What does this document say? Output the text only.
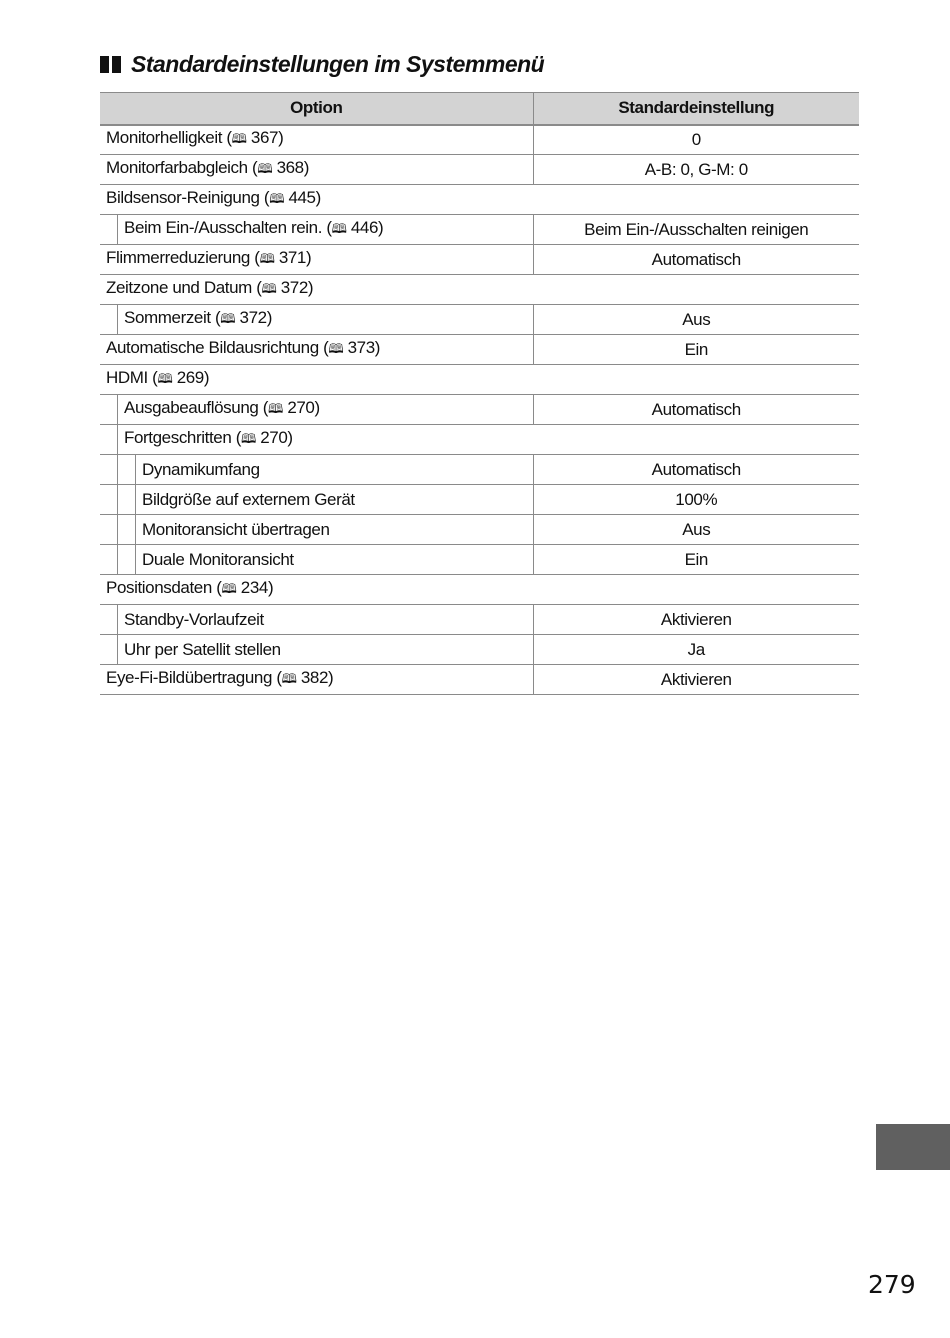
Standardeinstellungen im Systemmenü
Option	Standardeinstellung
Monitorhelligkeit (🕮 367)	0
Monitorfarbabgleich (🕮 368)	A-B: 0, G-M: 0
Bildsensor-Reinigung (🕮 445)	
Beim Ein-/Ausschalten rein. (🕮 446)	Beim Ein-/Ausschalten reinigen
Flimmerreduzierung (🕮 371)	Automatisch
Zeitzone und Datum (🕮 372)	
Sommerzeit (🕮 372)	Aus
Automatische Bildausrichtung (🕮 373)	Ein
HDMI (🕮 269)	
Ausgabeauflösung (🕮 270)	Automatisch
Fortgeschritten (🕮 270)	
Dynamikumfang	Automatisch
Bildgröße auf externem Gerät	100%
Monitoransicht übertragen	Aus
Duale Monitoransicht	Ein
Positionsdaten (🕮 234)	
Standby-Vorlaufzeit	Aktivieren
Uhr per Satellit stellen	Ja
Eye-Fi-Bildübertragung (🕮 382)	Aktivieren
279
